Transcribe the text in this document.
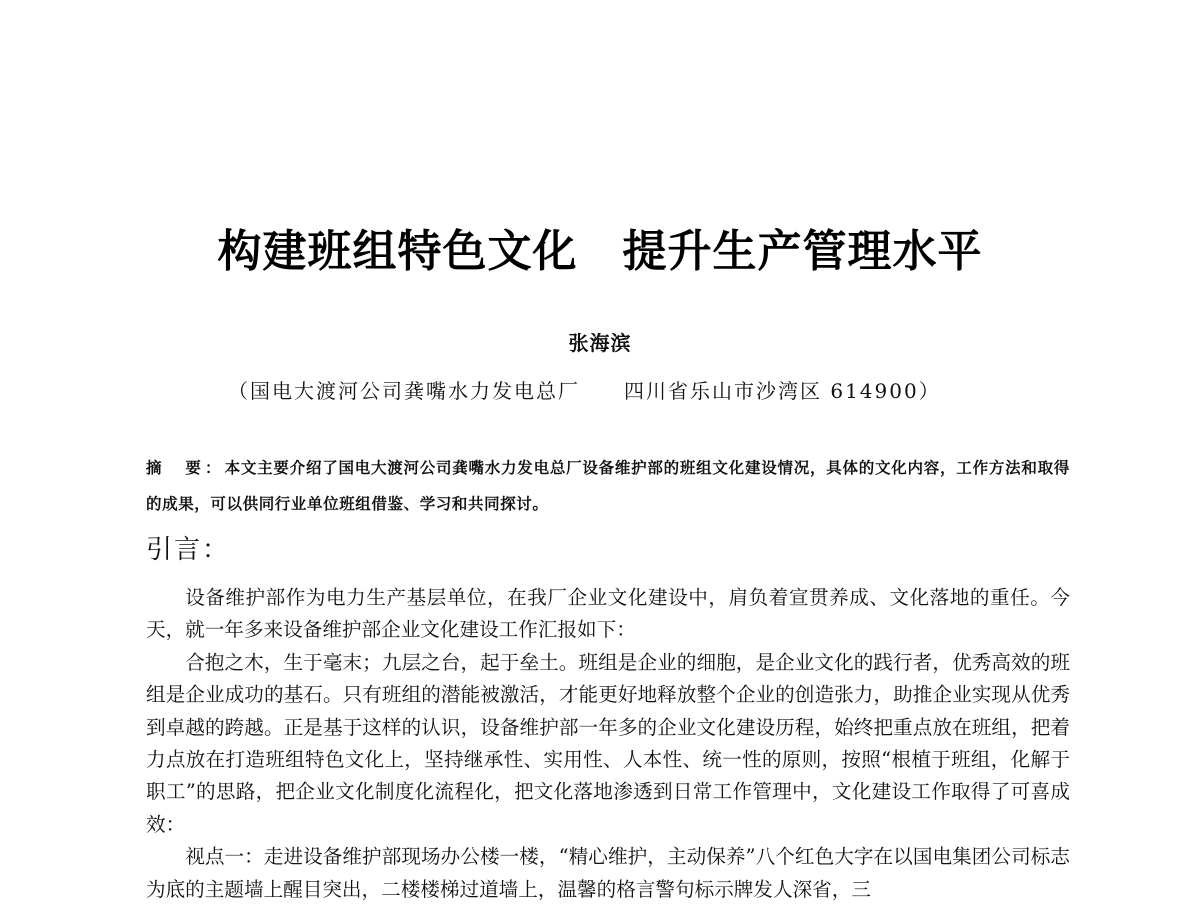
构建班组特色文化　提升生产管理水平
张海滨
（国电大渡河公司龚嘴水力发电总厂　　四川省乐山市沙湾区 614900）
摘　要：本文主要介绍了国电大渡河公司龚嘴水力发电总厂设备维护部的班组文化建设情况，具体的文化内容，工作方法和取得的成果，可以供同行业单位班组借鉴、学习和共同探讨。
引言：

设备维护部作为电力生产基层单位，在我厂企业文化建设中，肩负着宣贯养成、文化落地的重任。今天，就一年多来设备维护部企业文化建设工作汇报如下：

合抱之木，生于毫末；九层之台，起于垒土。班组是企业的细胞，是企业文化的践行者，优秀高效的班组是企业成功的基石。只有班组的潜能被激活，才能更好地释放整个企业的创造张力，助推企业实现从优秀到卓越的跨越。正是基于这样的认识，设备维护部一年多的企业文化建设历程，始终把重点放在班组，把着力点放在打造班组特色文化上，坚持继承性、实用性、人本性、统一性的原则，按照“根植于班组，化解于职工”的思路，把企业文化制度化流程化，把文化落地渗透到日常工作管理中，文化建设工作取得了可喜成效：

视点一：走进设备维护部现场办公楼一楼，“精心维护，主动保养”八个红色大字在以国电集团公司标志为底的主题墙上醒目突出，二楼楼梯过道墙上，温馨的格言警句标示牌发人深省，三
